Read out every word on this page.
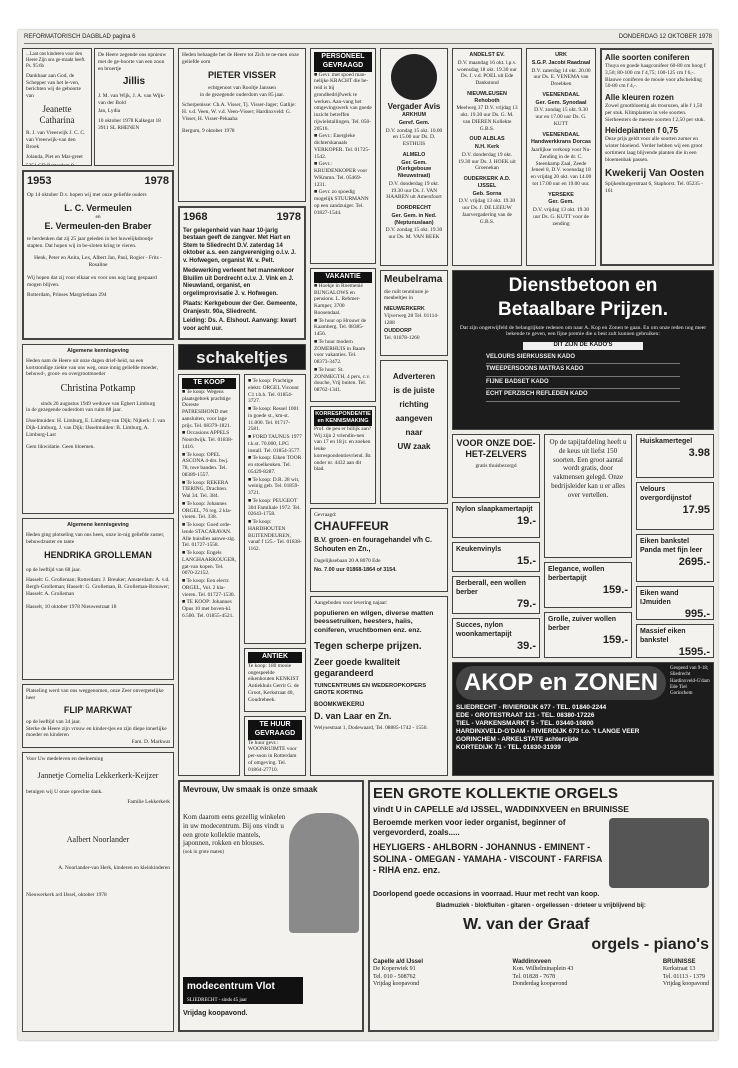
REFORMATORISCH DAGBLAD pagina 6	DONDERDAG 12 OKTOBER 1978
...Laat ons kinderen voor den Heere Zijn ons ge-maakt heeft. Ps. 95:6b
Dankbaar aan God, de Schepper van het le-ven, berichten wij de geboorte van
Jeanette Catharina
R. J. van Vreeswijk J. C. C. van Vreeswijk-van den Broek
Jolanda, Piet en Mar-greet
De Heere zegende ons opnieuw met de ge-boorte van een zoon en broertje
Jillis
J. M. van Wijk, J. A. van Wijk-van der Bold
Jan, Lydia
10 oktober 1978 Kalkegat 18 3911 SL RHENEN
1953	1978
Op 14 oktober D.v. hopen wij met onze geliefde ouders
L. C. Vermeulen
en
E. Vermeulen-den Braber
te herdenken dat zij 25 jaar geleden in het huwelijksbootje stapten. Dat hopen wij in be-sloten kring te vieren.
Henk, Peter en Anita, Lex, Albert Jan, Paul, Rogier - Frits - Rosaline
Wij hopen dat zij voor elkaar en voor ons nog lang gespaard mogen blijven.
Rotterdam, Prinses Margrietlaan 294
Algemene kennisgeving
Heden nam de Heere uit onze dagen drief-heid, na een kortstondige ziekte van ons weg, onze innig geliefde moeder, behuwd-, groot- en overgrootmoeder
Christina Potkamp
sinds 26 augustus 1949 weduwe van Egbert Limburg
in de gezegende ouderdom van ruim 88 jaar.
IJsselmuiden: H. Limburg, E. Limburg-van Dijk; Nijkerk: J. van Dijk-Limburg, J. van Dijk; IJsselmuiden: B. Limburg, A. Limburg-Last
Gem likwidatie. Geen bloemen.
Algemene kennisgeving
Heden ging plotseling van ons heen, onze in-nig geliefde zuster, behuwdzuster en tante
HENDRIKA GROLLEMAN
op de leeftijd van 68 jaar.
Hasselt: G. Grolleman; Rotterdam: J. Breuker; Amsterdam: A. v.d. Bergh-Grolleman; Hasselt: G. Grolleman, B. Grolleman-Brouwer; Hasselt: A. Grolleman
Hasselt, 10 oktober 1978 Nieuwestraat 18
Platseling werd van ons weggenomen, onze Zeer onvergetelijke heer
FLIP MARKWAT
op de leeftijd van 34 jaar.
Sterke de Heere zijn vrouw en kinder-tjes en zijn diepe innerlijke moeder en kinderen
Fam. D. Markwat
Voor Uw medeleven en deelneming
Jannetje Cornelia Lekkerkerk-Keijzer
betuigen wij U onze oprechte dank.
Familie Lekkerkerk
Aalbert Noorlander
A. Noorlander-van Herk, kinderen en kleinkinderen
Nieuwerkerk a/d IJssel, oktober 1978
Heden behaagde het de Heere tot Zich te ne-men onze geliefde oom
PIETER VISSER
echtgenoot van Rooltje Janssen
in de gezegende ouderdom van 85 jaar.
Scherpenisse: Ch.A. Visser, Tj. Visser-Jager; Gatlije: H. v.d. Veen, W. v.d. Veen-Visser; Hardinxveld: G. Visser, H. Visser-Pekaaha
Bergum, 9 oktober 1978
1968	1978
Ter gelegenheid van haar 10-jarig bestaan geeft de zangver. Met Hart en Stem te Sliedrecht D.V. zaterdag 14 oktober a.s. een zangvereniging o.l.v. J. v. Hofwegen, organist W. v. Pelt.
Medewerking verleent het mannenkoor Bluilim uit Dordrecht o.l.v. J. Vink en J. Nieuwland, organist, en orgelimprovisatie J. v. Hofwegen.
Plaats: Kerkgebouw der Ger. Gemeente, Oranjestr. 90a, Sliedrecht.
Leiding: Ds. A. Elshout. Aanvang: kwart voor acht uur.
schakeltjes
TE KOOP
■ Te koop: Wegens plaatsgebrek prachtige Doreste PATRESIHOND met aansluiten, voor lage prijs. Tel. 08379-1821.
■ Occasions APPELS Noordwijk. Tel. 01838-1416.
■ Te koop: OPEL ASCONA 4-drs. bwj. 78, nwe banden. Tel. 08389-1557.
■ Te koop: REKERA TIERING, Drachten. Wal 34. Tel. 384.
■ Te koop: Johannes ORGEL, 76 reg. 2 kla-vieren. Tel. 338.
■ Te koop: Goed orde-lende STACARAVAN. Alle huisdies aanwe-zig. Tel. 01727-1558.
■ Te koop: Engels LANGHAARKOUGER, gat-van kopen. Tel. 0070-22152.
■ Te koop: Een electr. ORGEL, Vol. 2 kla-vieren. Tel. 01727-1530.
■ TE KOOP: Johannes Opus 10 met boven-kl. 6.500. Tel. 01855-4521.
■ Te koop: Prachtige elektr. ORGEL Vicount C1 t.b.h. Tel. 01854-3727.
■ Te koop: Ressel 1001 in goede st., km-st. 11.000. Tel. 01717-2581.
■ FORD TAUNUS 1977 t.k.st. 70.000, LPG install. Tel. 01854-3577.
■ Te koop: Eiken TOOR en stoelkeuken. Tel. 05429-8287.
■ Te koop: D.R. 28 wit, weinig geb. Tel. 01859-3721.
■ Te koop: PEUGEOT 304 Familiale 1972. Tel. 02643-1758.
■ Te koop: HARDHOUTEN BUITENDEUREN, vanaf f 125.- Tel. 01838-1162.
ANTIEK
Te koop: 180 mooie ongespeelde eikenhouten KENKIST Antiekhuis Gerrit G. de Groot, Kerkstraat 40, Goudrebeek.
TE HUUR GEVRAAGD
Te huur gevr.: WOONRUIMTE voor per-soon in Rotterdam of omgeving. Tel. 01864-27710.
PERSONEEL GEVRAAGD
■ Gevr. met spoed man-nelijke KRACHT die be-reid is bij grondbedrijfwerk te werken. Aan-vang het omgevingswerk van goede inzicht betreffen rijwielstallingen. Tel. 050-20516.
■ Gevr.: Energieke dichterskanaals VERKOPER. Tel. 01725-1542.
■ Gevr.: KRUIDENKOPER voor WKmmn. Tel. 05469-1231.
■ Gevr. zo spoedig mogelijk STUURMANN op een zandzuiger. Tel. 01827-1544.
VAKANTIE
■ Hoekje in Roemenië BUNGALOWS en pensions. L. Rebmer-Kamper, 3700 Roosendaal.
■ Te huur op Hrouwt de Kaamberg. Tel. 08385-1456.
■ Te huur modern ZOMERHUIS in Baarn voor vakanties. Tel. 08373-3472.
■ Te huur: St. ZONMEGTH, 4 pers, c.v. douche, Vrij buiten. Tel. 08762-1341.
KORRESPONDENTIE en KENNISMAKING
Prof. de peu er billijk aan? Wij zijn 2 vriendin-nen van 17 en 18 jr. en zoeken leuke korrespondentievriend. Br. onder nr. 4432 aan dit blad.
Gevraagd:
CHAUFFEUR
B.V. groen- en fouragehandel v/h C. Schouten en Zn.,
Dagelijksebaan 20 A 8070 Ede
No. 7.00 uur 01868-1864 of 3154.
Aangeboden voor levering najaar:
populieren en wilgen, diverse matten beessetruiken, heesters, haiis, coniferen, vruchtbomen enz. enz.
Tegen scherpe prijzen.
Zeer goede kwaliteit gegarandeerd
TUINCENTRUMS EN WEDEROPKOPERS GROTE KORTING
BOOMKWEKERIJ
D. van Laar en Zn.
Welysestraat 1, Dodewaard, Tel. 08885-1742 - 1550.
Vergader Avis
ARKHUM
Geref. Gem.
D.V. zondag 15 okt. 10.00 en 15.00 uur Ds. D. ESTHUIS
ALMELO
Ger. Gem. (Kerkgebouw Nieuwstraat)
D.V. donderdag 19 okt. 19.30 uur Ds. J. VAN HAAREN uit Amersfoort
DORDRECHT
Ger. Gem. in Ned. (Neptunuslaan)
D.V. zondag 15 okt. 19.30 uur Ds. M. VAN BEEK
Meubelrama
die ruilt tenminste je meubeltjes in
NIEUWERKERK
Vijverweg 28 Tel. 01114-1288
OUDDORP
Tel. 01878-1260
Adverteren
is de juiste
richting
aangeven
naar
UW zaak
ANDELST EV.
D.V. maandag 16 okt. l.p.v. woensdag 18 okt. 19.30 uur Ds. J. v.d. POEL uit Ede Dankstond
NIEUWLEUSEN Rehoboth
Meelweg 37 D.V. vrijdag 13 okt. 19.30 uur Ds. G. M. van DIEREN Kollekte G.B.S.
OUD ALBLAS
N.H. Kerk
D.V. donderdag 19 okt. 19.30 uur Ds. J. HOEK uit Groenekan
OUDERKERK A.D. IJSSEL
Geb. Sorna
D.V. vrijdag 13 okt. 19.30 uur Ds. J. DE LEEUW Jaarvergadering van de G.B.S.
URK
S.G.P. Jacobi Raadzaal
D.V. zaterdag 14 okt. 20.00 uur Ds. E. VENEMA van Dreebken
VEENENDAAL
Ger. Gem. Synodaal
D.V. zondag 15 okt. 9.30 uur en 17.00 uur Ds. G. KUTT
VEENENDAAL
Handwerkkrans Dorcas
Jaarlijkse verkoop voor Nu-Zending in de dr. C. Steenkamp Zaal, Zeede Jeneel 8, D.V. woensdag 18 en vrijdag 20 okt. van 14.00 tot 17.00 uur en 19.00 uur.
YERSEKE
Ger. Gem.
D.V. vrijdag 13 okt. 19.30 uur Ds. G. KUTT voor de zending
Alle soorten coniferen
Thuya en goede haagconifeer 60-80 cm hoog f 3,50; 80-100 cm f 4,75; 100-125 cm f 6,-. Blauwe coniferen de mooie voor afscheiding 50-80 cm f 4,-.
Alle kleuren rozen
Zowel grootbloemig als trosrozen, alle f 1,50 per stuk. Klimplanten in vele soorten. Sierheesters de meeste soorten f 2,50 per stuk.
Heidepianten f 0,75
Deze prijs geldt voor alle soorten zomer en winter bloeiend. Verder hebben wij een groot sortiment laag blijvende planten die in een bloemenbak passen.
Kwekerij Van Oosten
Spijkenburgerstraat 6, Staphorst. Tel. 05235 - 161
Dienstbetoon en
Betaalbare Prijzen.
Dat zijn ongetwijfeld de belangrijkste redenen om naar A. Kop en Zonen te gaan. En om onze reden nog meer bekende te geven, een fijne premie die u best zult kunnen gebruiken:
DIT ZIJN DE KADO'S
VELOURS SIERKUSSEN KADO
TWEEPERSOONS MATRAS KADO
FIJNE BADSET KADO
ECHT PERZISCH REFLEDEN KADO
VOOR ONZE DOE-HET-ZELVERS
gratis thuisbezorgd
Op de tapijtafdeling heeft u de keus uit liefst 150 soorten. Een groot aantal wordt gratis, door vakmensen gelegd. Onze bedrijsleider kan u er alles over vertellen.
Nylon slaapkamertapijt
19.-
Keukenvinyls
15.-
Berberall, een wollen berber
79.-
Succes, nylon woonkamertapijt
39.-
Elegance, wollen berbertapijt
159.-
Grolle, zuiver wollen berber
159.-
Huiskamertegel
3.98
Velours overgordijnstof
17.95
Eiken bankstel Panda met fijn leer
2695.-
Eiken wand IJmuiden
995.-
Massief eiken bankstel
1595.-
AKOP en ZONEN
SLIEDRECHT - RIVIERDIJK 677 - TEL. 01840-2244
EDE - GROTESTRAAT 121 - TEL. 08380-17226
TIEL - VARKENSMARKT 5 - TEL. 03440-10800
HARDINXVELD-G'DAM - RIVIERDIJK 673 t.o. 't LANGE VEER
GORINCHEM - ARKELSTATE achterzijde
KORTEDIJK 71 - TEL. 01830-31939
Geopend van 9-18; Sliedrecht Hardinxveld-G'dam Ede Tiel Gorinchem
Mevrouw, Uw smaak is onze smaak
Kom daarom eens gezellig winkelen in uw modecentrum. Bij ons vindt u een grote kollektie mantels, japonnen, rokken en blouses.
(ook in grote maten)
modecentrum Vlot
SLIEDRECHT - sinds 45 jaar
Vrijdag koopavond.
EEN GROTE KOLLEKTIE ORGELS
vindt U in CAPELLE a/d IJSSEL, WADDINXVEEN en BRUINISSE
Beroemde merken voor ieder organist, beginner of vergevorderd, zoals.....
HEYLIGERS - AHLBORN - JOHANNUS - EMINENT - SOLINA - OMEGAN - YAMAHA - VISCOUNT - FARFISA - RIHA enz. enz.
Doorlopend goede occasions in voorraad. Huur met recht van koop.
Bladmuziek - blokfluiten - gitaren - orgellessen - drieteer u vrijblijvend bij:
W. van der Graaf
orgels - piano's
Capelle a/d IJssel
De Koperwiek 91
Tel. 010 - 508762
Vrijdag koopavond
Waddinxveen
Kon. Wilhelminaplein 43
Tel. 01828 - 7678
Donderdag koopavond
BRUINISSE
Kerkstraat 13
Tel. 01113 - 1379
Vrijdag koopavond
